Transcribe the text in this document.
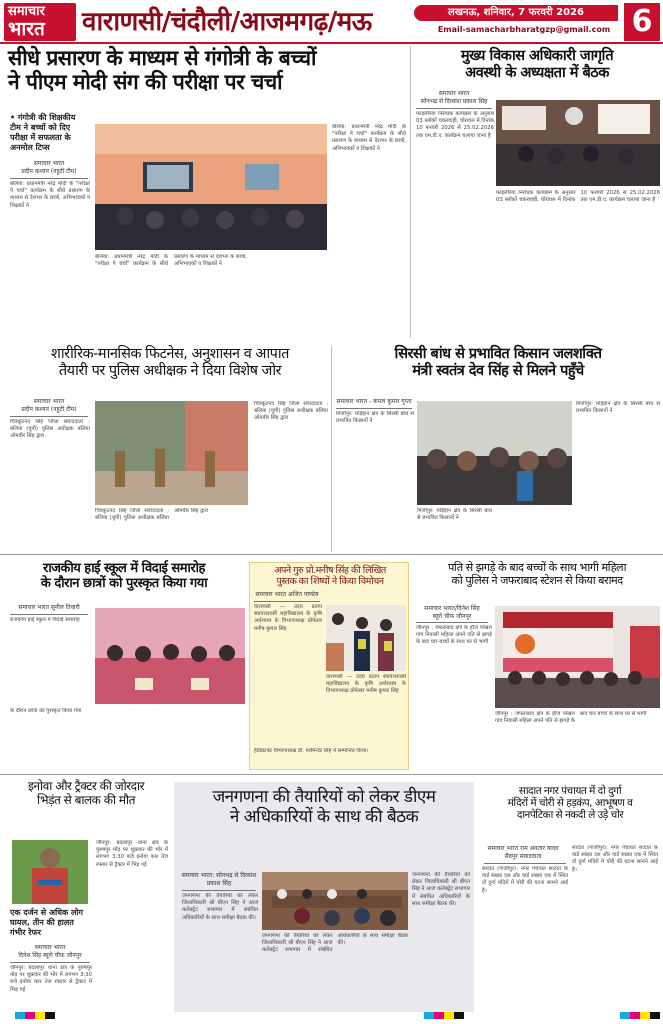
समाचार
भारत वाराणसी/चंदौली/आजमगढ़/मऊ	लखनऊ, शनिवार, 7 फरवरी 2026
Email-samacharbharatgzp@gmail.com 6
सीधे प्रसारण के माध्यम से गंगोत्री के बच्चों
ने पीएम मोदी संग की परीक्षा पर चर्चा
• गंगोत्री की शिक्षकीय टीम ने बच्चों को दिए परीक्षा में सफलता के अनमोल टिप्स
समाचार भारत
प्रदीप कश्यप (नहुटी टीम)
बलिया: प्रधानमंत्री नरेंद्र मोदी के "परीक्षा पे चर्चा" कार्यक्रम के सीधे प्रसारण के माध्यम से देशभर के छात्रों, अभिभावकों व शिक्षकों ने
बलिया: प्रधानमंत्री नरेंद्र मोदी के "परीक्षा पे चर्चा" कार्यक्रम के सीधे प्रसारण के माध्यम से देशभर के छात्रों, अभिभावकों व शिक्षकों ने
बलिया: प्रधानमंत्री नरेंद्र मोदी के "परीक्षा पे चर्चा" कार्यक्रम के सीधे प्रसारण के माध्यम से देशभर के छात्रों, अभिभावकों व शिक्षकों ने
मुख्य विकास अधिकारी जागृति
अवस्थी के अध्यक्षता में बैठक
समाचार भारत
सोनभद्र से दिव्यांश प्रकाश सिंह
फाइलेरिया निरोधक कार्यक्रम के अनुसार 03 ब्लॉकों चकरवाही, घोरावल में दिनांक 10 फरवरी 2026 से 25.02.2026 तक एम.डी.ए. कार्यक्रम चलाया जाना है
फाइलेरिया निरोधक कार्यक्रम के अनुसार 03 ब्लॉकों चकरवाही, घोरावल में दिनांक 10 फरवरी 2026 से 25.02.2026 तक एम.डी.ए. कार्यक्रम चलाया जाना है
शारीरिक-मानसिक फिटनेस, अनुशासन व आपात
तैयारी पर पुलिस अधीक्षक ने दिया विशेष जोर
समाचार भारत
प्रदीप कश्यप (नहुटी टीम)
चित्रकूटनंद सिंह जिला संवाददाता : बलिया (यूपी) पुलिस अधीक्षक बलिया ओमवीर सिंह द्वारा
चित्रकूटनंद सिंह जिला संवाददाता : बलिया (यूपी) पुलिस अधीक्षक बलिया ओमवीर सिंह द्वारा
चित्रकूटनंद सिंह जिला संवाददाता : बलिया (यूपी) पुलिस अधीक्षक बलिया ओमवीर सिंह द्वारा
सिरसी बांध से प्रभावित किसान जलशक्ति
मंत्री स्वतंत्र देव सिंह से मिलने पहुँचे
समाचार भारत - कमल कुमार गुप्ता
मिर्जापुर: मड़िहान क्षेत्र के सिरसी बांध से प्रभावित किसानों ने
मिर्जापुर: मड़िहान क्षेत्र के सिरसी बांध से प्रभावित किसानों ने
मिर्जापुर: मड़िहान क्षेत्र के सिरसी बांध से प्रभावित किसानों ने
राजकीय हाई स्कूल में विदाई समारोह
के दौरान छात्रों को पुरस्कृत किया गया
समाचार भारत सुनील तिवारी
राजकीय हाई स्कूल में विदाई समारोह
के दौरान छात्रों को पुरस्कृत किया गया
अपने गुरु प्रो.मनीष सिंह की लिखित
पुस्तक का शिष्यों ने किया विमोचन
समाचार भारत अजित पाण्डेय
वाराणसी --- उदय प्रताप स्वायत्तशासी महाविद्यालय के कृषि अर्थशास्त्र के विभागाध्यक्ष प्रोफेसर मनीष कुमार सिंह
वाराणसी --- उदय प्रताप स्वायत्तशासी महाविद्यालय के कृषि अर्थशास्त्र के विभागाध्यक्ष प्रोफेसर मनीष कुमार सिंह
हैंडीक्राफ्ट विभागाध्यक्ष डॉ. परमिन्दर सिंह ने सम्मानित किया।
पति से झगड़े के बाद बच्चों के साथ भागी महिला
को पुलिस ने जफराबाद स्टेशन से किया बरामद
समाचार भारत/दिनेश सिंह
ब्यूरो चीफ जौनपुर
जौनपुर : जफराबाद क्षेत्र के हौज पोखरा गांव निवासी महिला अपने पति से झगड़े के बाद चार बच्चों के साथ घर से भागी
जौनपुर : जफराबाद क्षेत्र के हौज पोखरा गांव निवासी महिला अपने पति से झगड़े के बाद चार बच्चों के साथ घर से भागी
इनोवा और ट्रैक्टर की जोरदार
भिड़ंत से बालक की मौत
एक दर्जन से अधिक लोग घायल, तीन की हालत गंभीर रेफर
समाचार भारत
दिनेश सिंह ब्यूरो चीफ जौनपुर
जौनपुर: बदलापुर थाना क्षेत्र के पुरुषपुर मोड़ पर शुक्रवार की भोर में लगभग 3:30 बजे इनोवा कार तेज रफ्तार से ट्रैक्टर में भिड़ गई
जौनपुर: बदलापुर थाना क्षेत्र के पुरुषपुर मोड़ पर शुक्रवार की भोर में लगभग 3:30 बजे इनोवा कार तेज रफ्तार से ट्रैक्टर में भिड़ गई
जनगणना की तैयारियों को लेकर डीएम
ने अधिकारियों के साथ की बैठक
समाचार भारत: सोनभद्र से दिव्यांश प्रकाश सिंह
जनगणना की तैयारियों को लेकर जिलाधिकारी श्री बीएन सिंह ने आज कलेक्ट्रेट सभागार में संबंधित अधिकारियों के साथ समीक्षा बैठक की।
जनगणना की तैयारियों को लेकर जिलाधिकारी श्री बीएन सिंह ने आज कलेक्ट्रेट सभागार में संबंधित अधिकारियों के साथ समीक्षा बैठक की।
जनगणना की तैयारियों को लेकर जिलाधिकारी श्री बीएन सिंह ने आज कलेक्ट्रेट सभागार में संबंधित अधिकारियों के साथ समीक्षा बैठक की।
सादात नगर पंचायत में दो दुर्गा
मंदिरों में चोरी से हड़कंप, आभूषण व
दानपेटिका से नकदी ले उड़े चोर
समाचार भारत राम अवतार यादव
सैदपुर संवाददाता
सादात (गाजीपुर): नगर पंचायत सादात के वार्ड संख्या दस और वार्ड संख्या एक में स्थित दो दुर्गा मंदिरों में चोरी की घटना सामने आई है।
सादात (गाजीपुर): नगर पंचायत सादात के वार्ड संख्या दस और वार्ड संख्या एक में स्थित दो दुर्गा मंदिरों में चोरी की घटना सामने आई है।
